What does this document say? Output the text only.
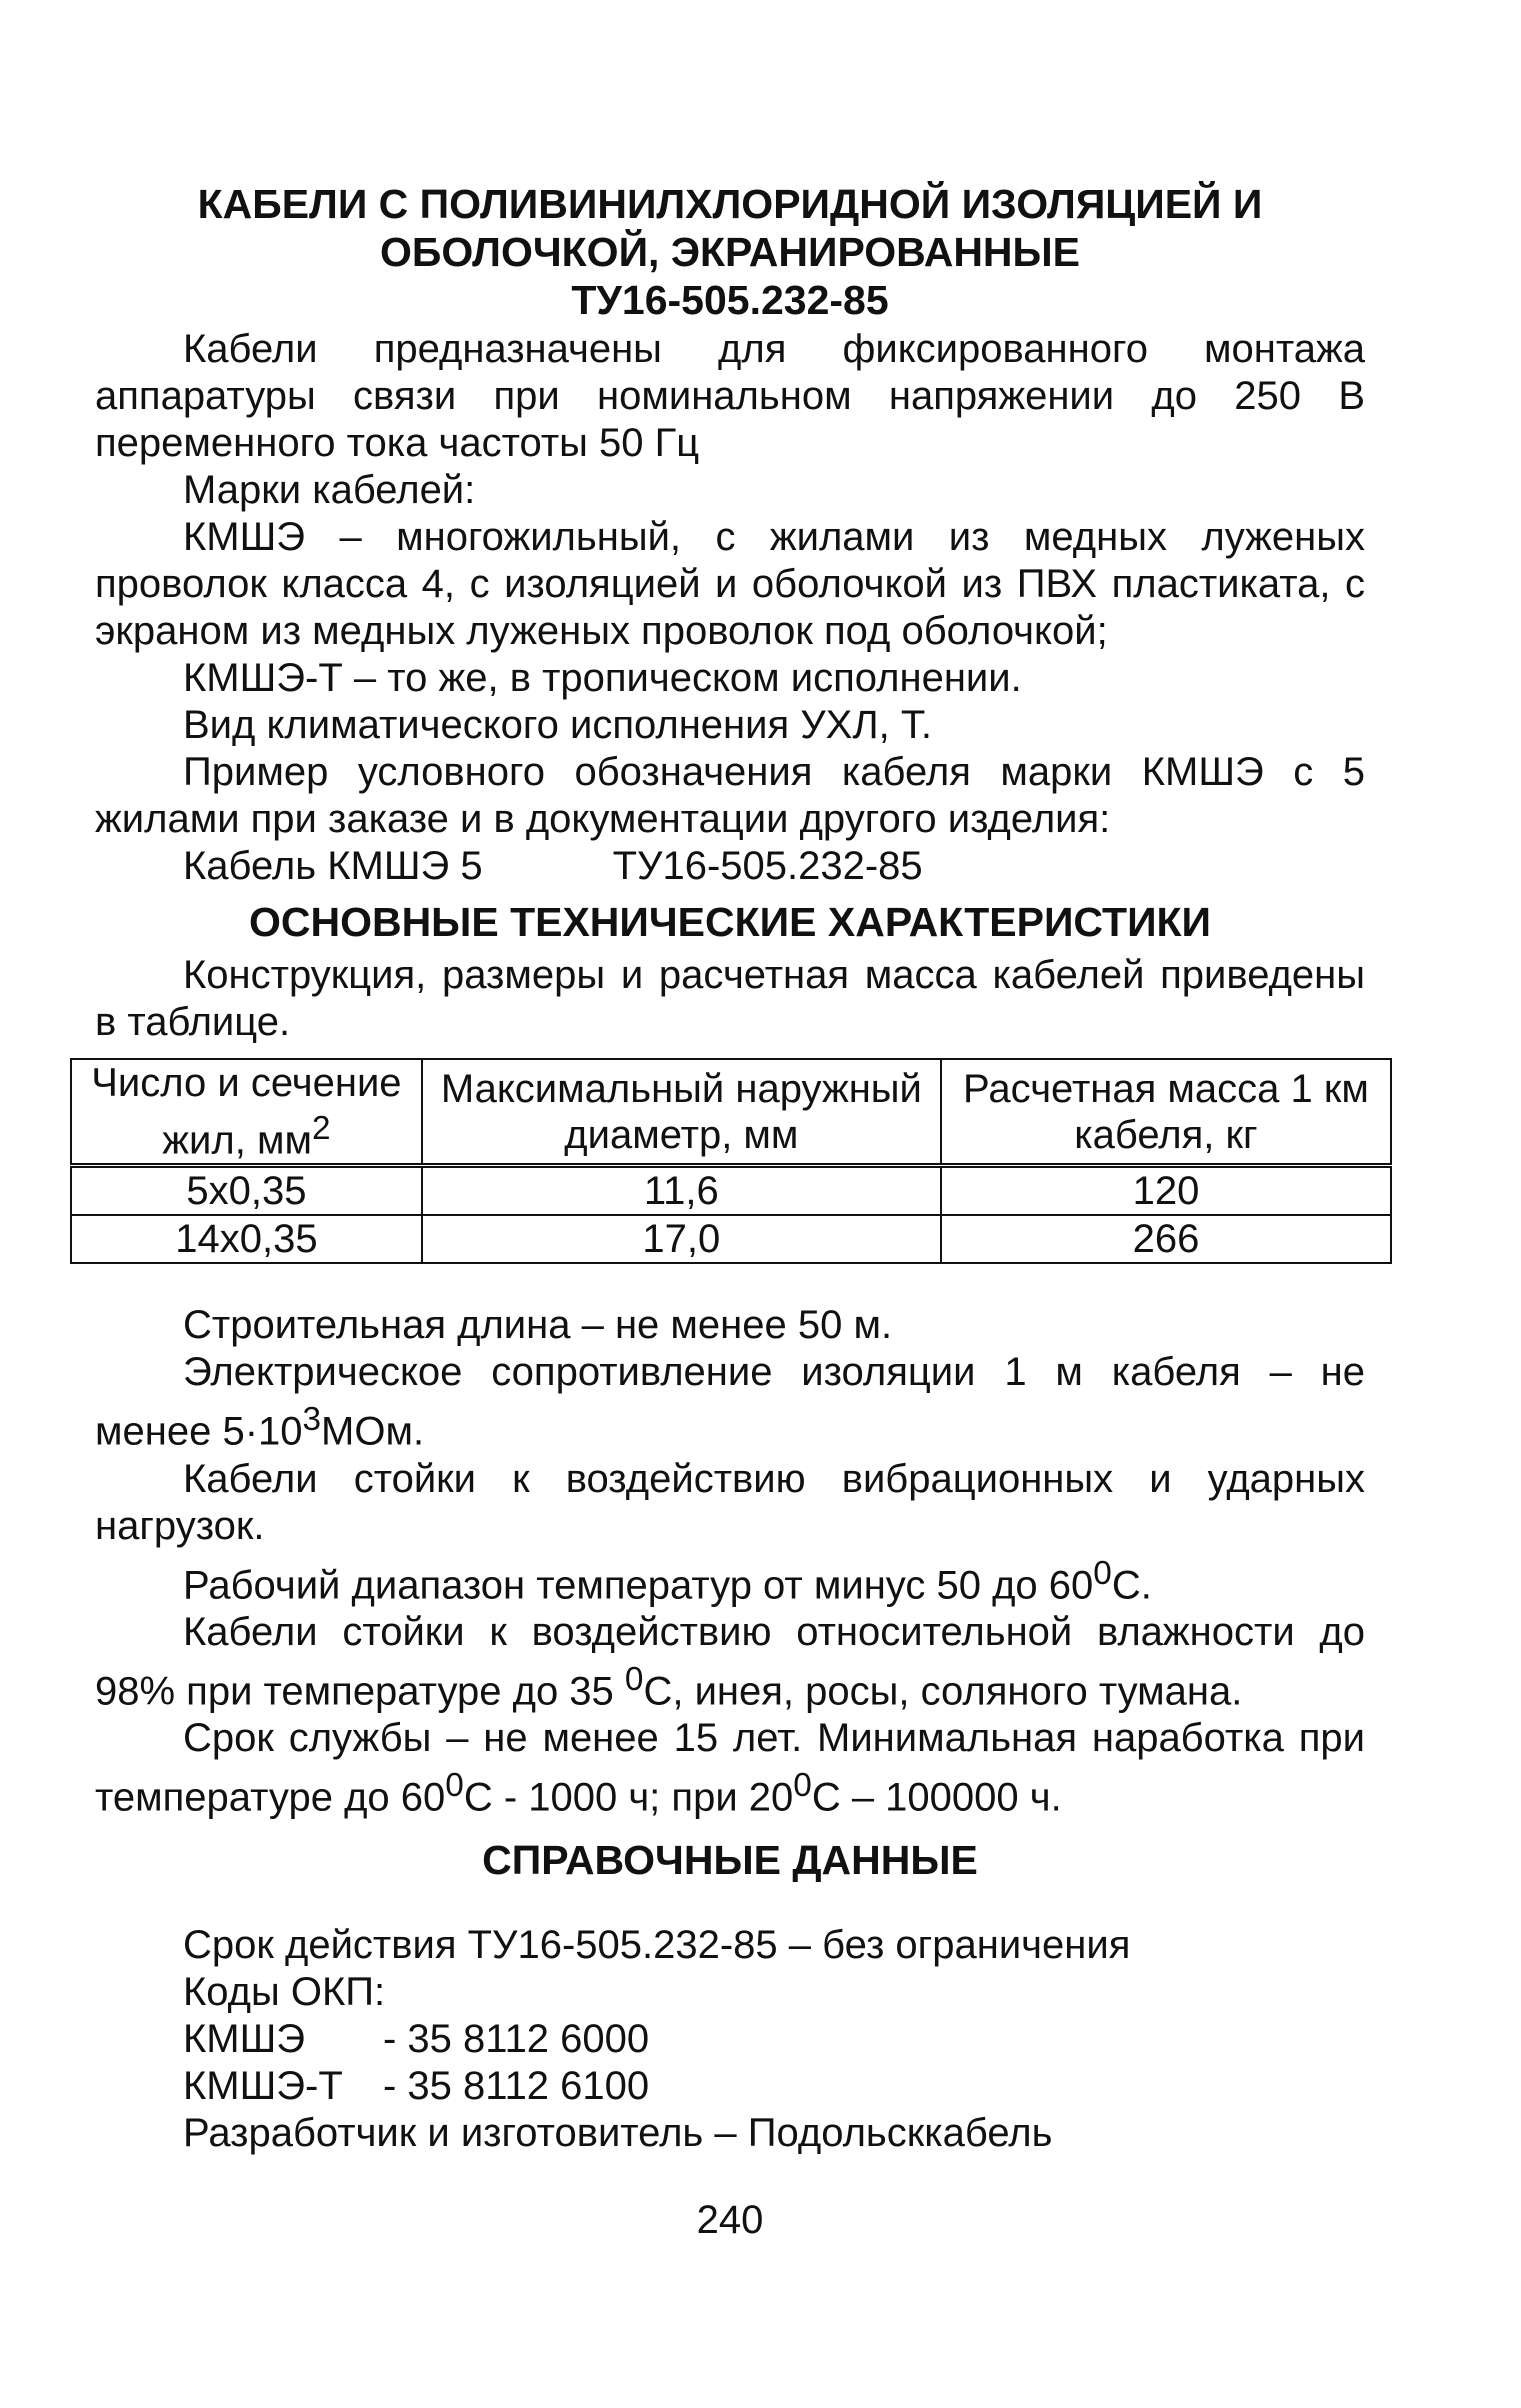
КАБЕЛИ С ПОЛИВИНИЛХЛОРИДНОЙ ИЗОЛЯЦИЕЙ И

ОБОЛОЧКОЙ, ЭКРАНИРОВАННЫЕ

ТУ16-505.232-85

Кабели предназначены для фиксированного монтажа аппаратуры связи при номинальном напряжении до 250 В переменного тока частоты 50 Гц

Марки кабелей:

КМШЭ – многожильный, с жилами из медных луженых проволок класса 4, с изоляцией и оболочкой из ПВХ пластиката, с экраном из медных луженых проволок под оболочкой;

КМШЭ-Т – то же, в тропическом исполнении.

Вид климатического исполнения УХЛ, Т.

Пример условного обозначения кабеля марки КМШЭ с 5 жилами при заказе и в документации другого изделия:

Кабель КМШЭ 5	ТУ16-505.232-85

ОСНОВНЫЕ ТЕХНИЧЕСКИЕ ХАРАКТЕРИСТИКИ

Конструкция, размеры и расчетная масса кабелей приведены в таблице.

Число и сечение жил, $мм^2$	Максимальный наружный диаметр, мм	Расчетная масса 1 км кабеля, кг
5х0,35	11,6	120
14х0,35	17,0	266

Строительная длина – не менее 50 м.

Электрическое сопротивление изоляции 1 м кабеля – не менее $5\cdot 10^3МОм$.

Кабели стойки к воздействию вибрационных и ударных нагрузок.

Рабочий диапазон температур от минус 50 до $60^0С$.

Кабели стойки к воздействию относительной влажности до 98% при температуре до 35 $^0$С, инея, росы, соляного тумана.

Срок службы – не менее 15 лет. Минимальная наработка при температуре до $60^0С - 1000$ ч; при $20^0С - 100000$ ч.

СПРАВОЧНЫЕ ДАННЫЕ

Срок действия ТУ16-505.232-85 – без ограничения

Коды ОКП:

КМШЭ	- 35 8112 6000
КМШЭ-Т	- 35 8112 6100

Разработчик и изготовитель – Подольсккабель

240
